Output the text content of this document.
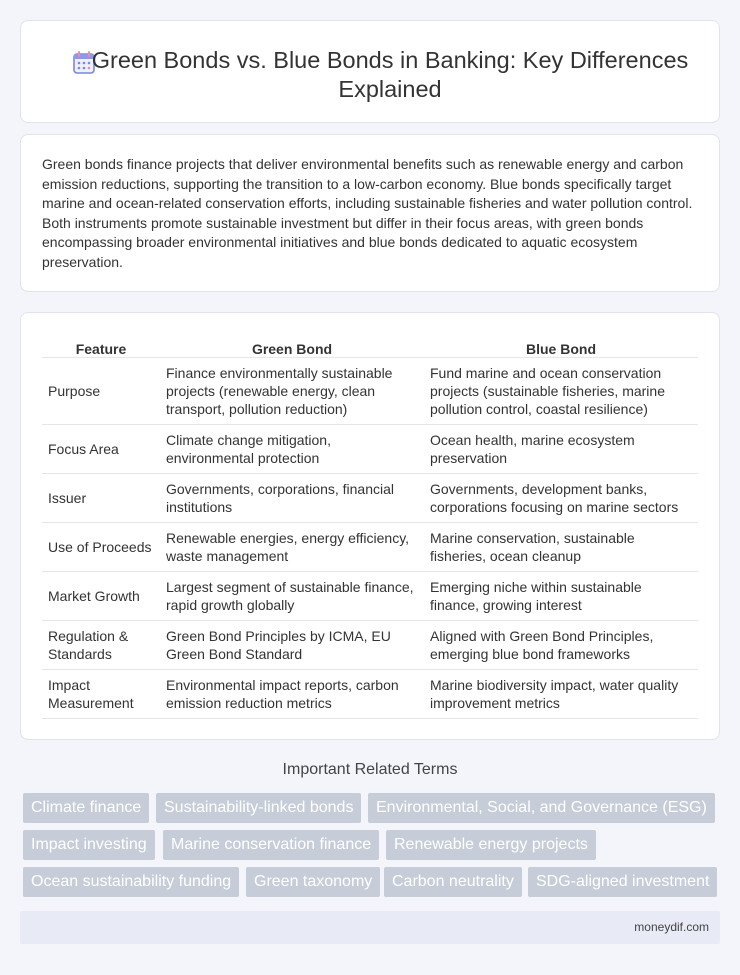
Green Bonds vs. Blue Bonds in Banking: Key Differences Explained

Green bonds finance projects that deliver environmental benefits such as renewable energy and carbon emission reductions, supporting the transition to a low-carbon economy. Blue bonds specifically target marine and ocean-related conservation efforts, including sustainable fisheries and water pollution control. Both instruments promote sustainable investment but differ in their focus areas, with green bonds encompassing broader environmental initiatives and blue bonds dedicated to aquatic ecosystem preservation.

Feature	Green Bond	Blue Bond
Purpose	Finance environmentally sustainable projects (renewable energy, clean transport, pollution reduction)	Fund marine and ocean conservation projects (sustainable fisheries, marine pollution control, coastal resilience)
Focus Area	Climate change mitigation, environmental protection	Ocean health, marine ecosystem preservation
Issuer	Governments, corporations, financial institutions	Governments, development banks, corporations focusing on marine sectors
Use of Proceeds	Renewable energies, energy efficiency, waste management	Marine conservation, sustainable fisheries, ocean cleanup
Market Growth	Largest segment of sustainable finance, rapid growth globally	Emerging niche within sustainable finance, growing interest
Regulation & Standards	Green Bond Principles by ICMA, EU Green Bond Standard	Aligned with Green Bond Principles, emerging blue bond frameworks
Impact Measurement	Environmental impact reports, carbon emission reduction metrics	Marine biodiversity impact, water quality improvement metrics
Important Related Terms
Climate finance	Sustainability-linked bonds	Environmental, Social, and Governance (ESG)
Impact investing	Marine conservation finance	Renewable energy projects
Ocean sustainability funding	Green taxonomy	Carbon neutrality	SDG-aligned investment
moneydif.com
